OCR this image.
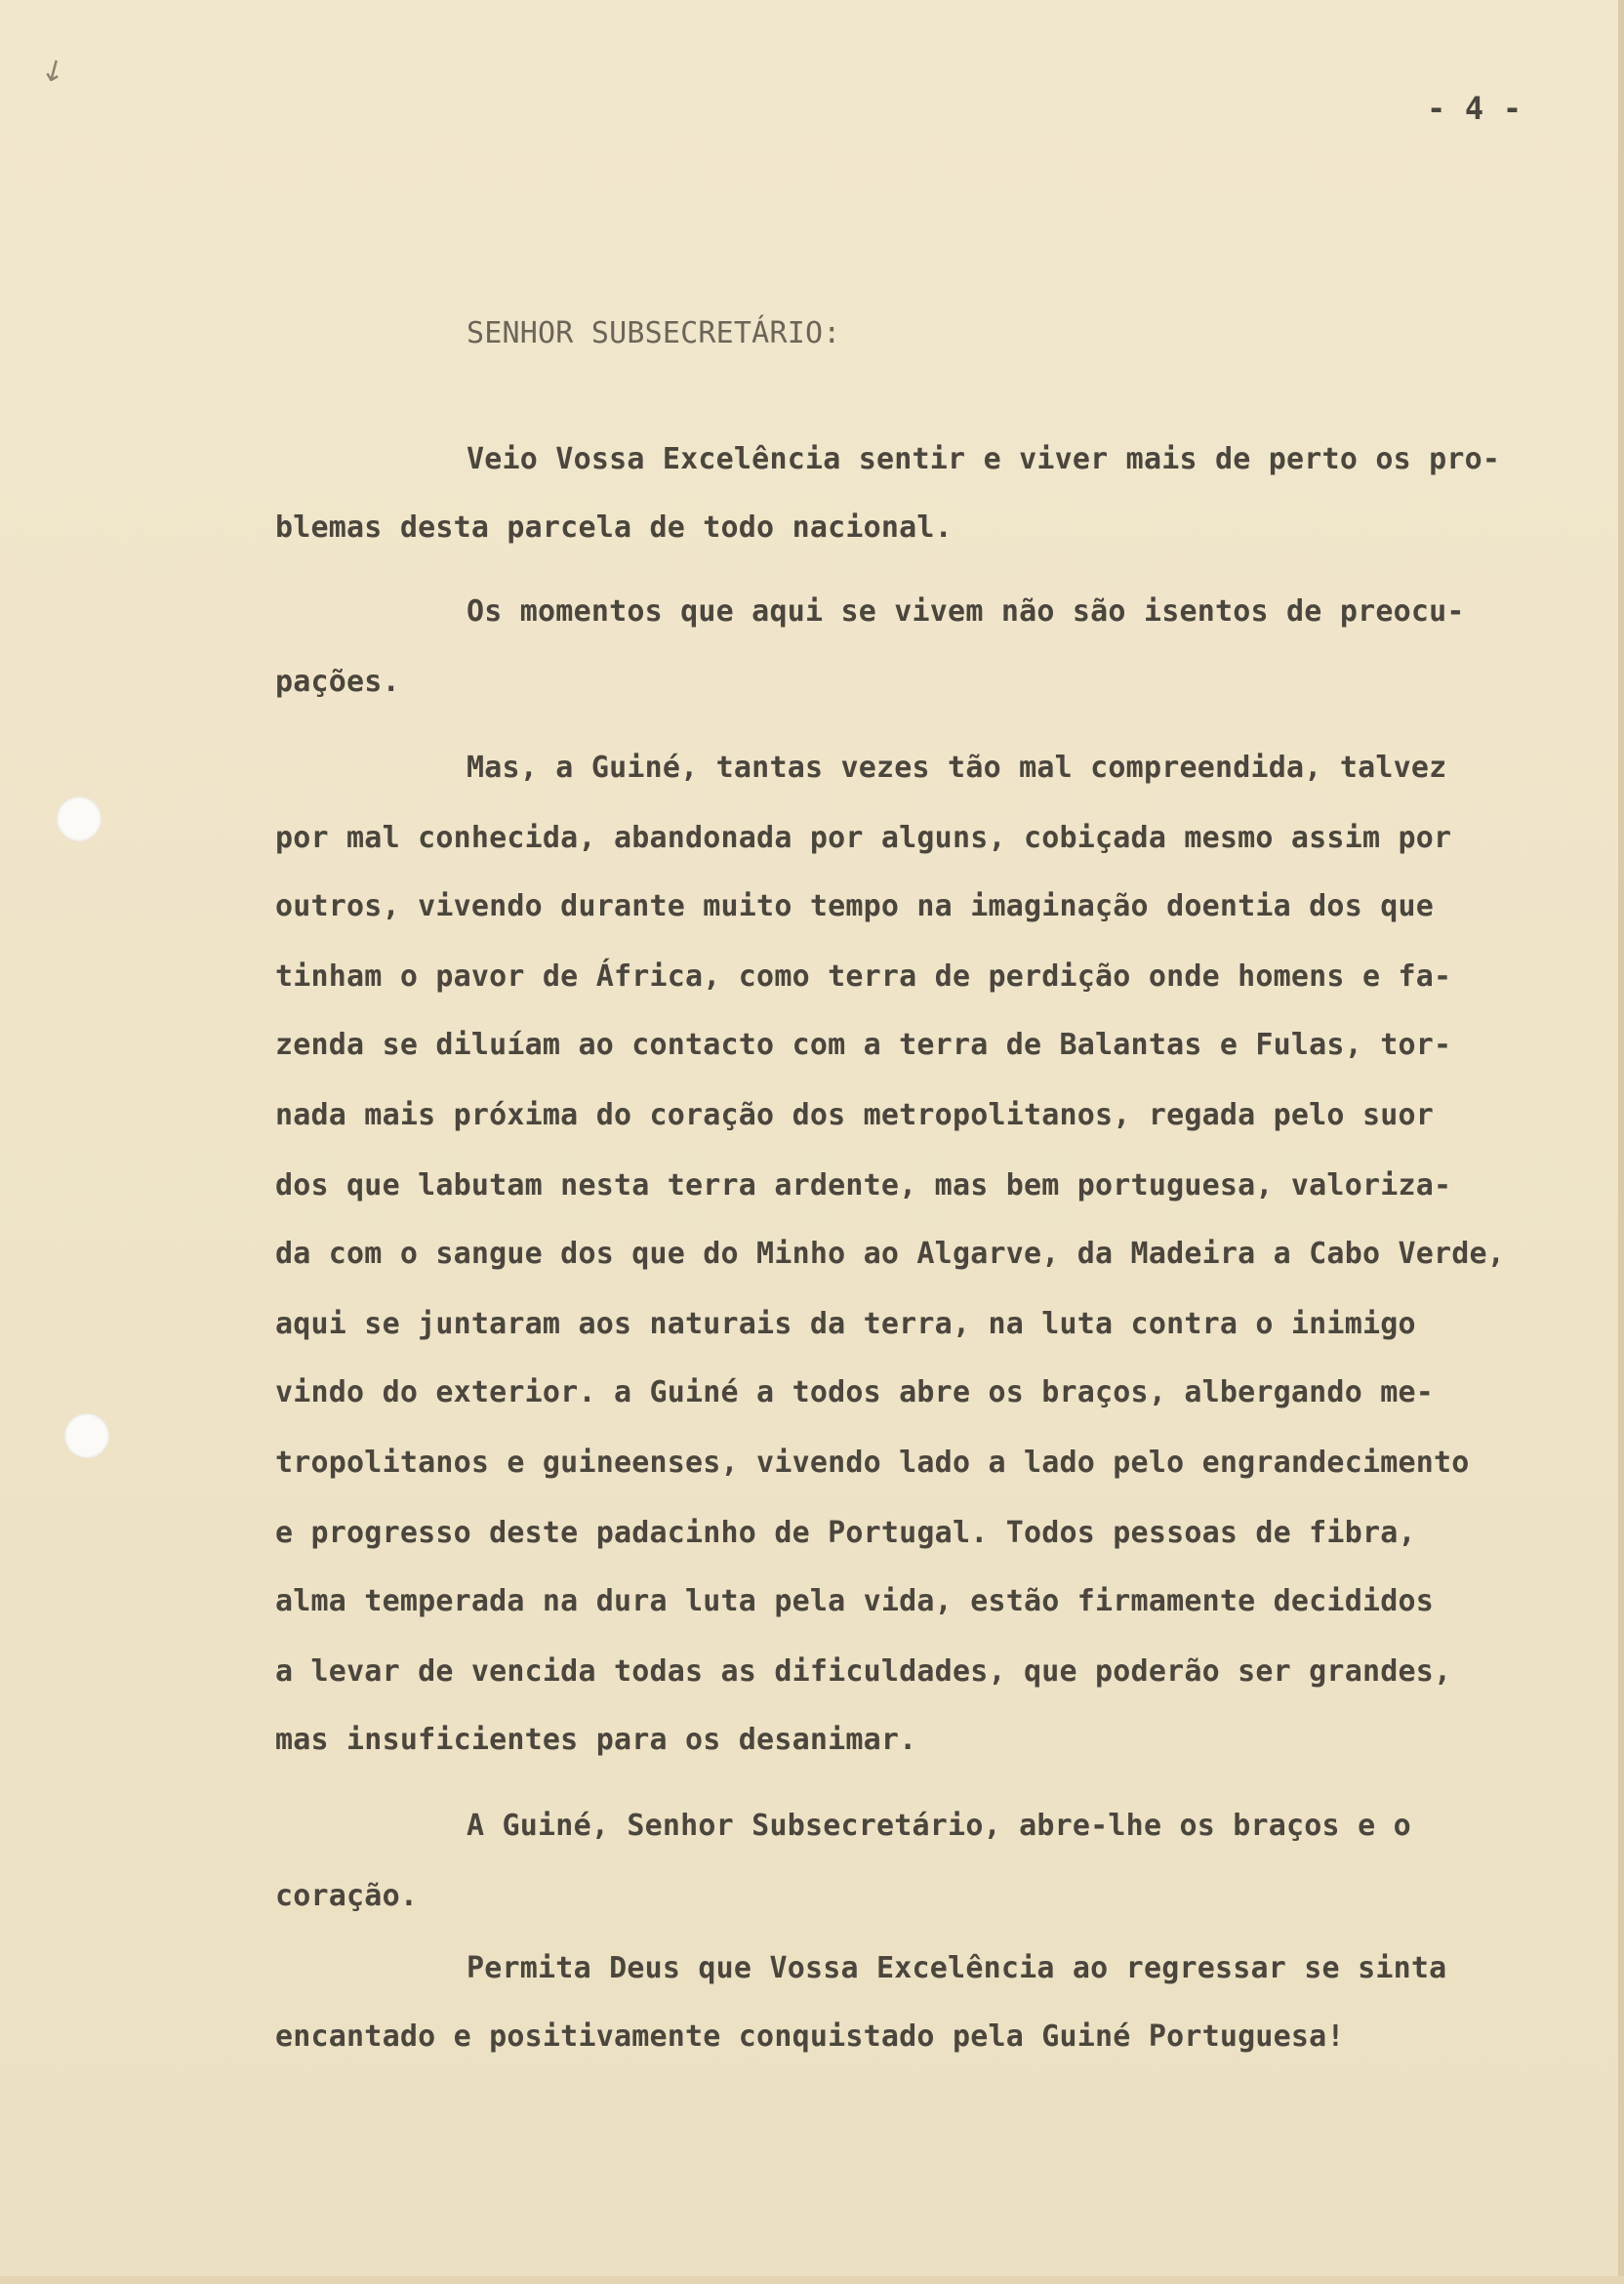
↙
- 4 -
SENHOR SUBSECRETÁRIO:
Veio Vossa Excelência sentir e viver mais de perto os pro-
blemas desta parcela de todo nacional.
Os momentos que aqui se vivem não são isentos de preocu-
pações.
Mas, a Guiné, tantas vezes tão mal compreendida, talvez
por mal conhecida, abandonada por alguns, cobiçada mesmo assim por
outros, vivendo durante muito tempo na imaginação doentia dos que
tinham o pavor de África, como terra de perdição onde homens e fa-
zenda se diluíam ao contacto com a terra de Balantas e Fulas, tor-
nada mais próxima do coração dos metropolitanos, regada pelo suor
dos que labutam nesta terra ardente, mas bem portuguesa, valoriza-
da com o sangue dos que do Minho ao Algarve, da Madeira a Cabo Verde,
aqui se juntaram aos naturais da terra, na luta contra o inimigo
vindo do exterior. a Guiné a todos abre os braços, albergando me-
tropolitanos e guineenses, vivendo lado a lado pelo engrandecimento
e progresso deste padacinho de Portugal. Todos pessoas de fibra,
alma temperada na dura luta pela vida, estão firmamente decididos
a levar de vencida todas as dificuldades, que poderão ser grandes,
mas insuficientes para os desanimar.
A Guiné, Senhor Subsecretário, abre-lhe os braços e o
coração.
Permita Deus que Vossa Excelência ao regressar se sinta
encantado e positivamente conquistado pela Guiné Portuguesa!
